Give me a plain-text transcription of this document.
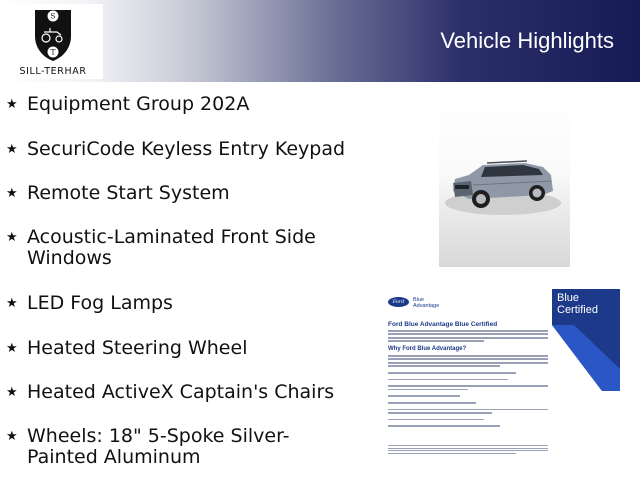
S
T
SILL-TERHAR
Vehicle Highlights
★ Equipment Group 202A
★ SecuriCode Keyless Entry Keypad
★ Remote Start System
★ Acoustic-Laminated Front Side Windows
★ LED Fog Lamps
★ Heated Steering Wheel
★ Heated ActiveX Captain's Chairs
★ Wheels: 18" 5-Spoke Silver-Painted Aluminum
Ford	Blue
Advantage
Ford Blue Advantage Blue Certified
Why Ford Blue Advantage?
Blue
Certified
